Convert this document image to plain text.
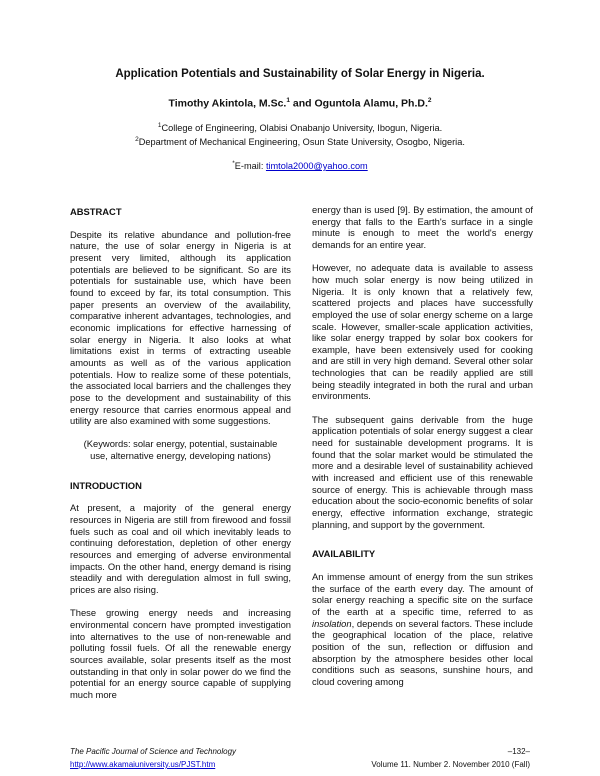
Application Potentials and Sustainability of Solar Energy in Nigeria.

Timothy Akintola, M.Sc.$^1$ and Oguntola Alamu, Ph.D.$^2$

$^1$College of Engineering, Olabisi Onabanjo University, Ibogun, Nigeria.

$^2$Department of Mechanical Engineering, Osun State University, Osogbo, Nigeria.

*E-mail: timtola2000@yahoo.com

ABSTRACT

Despite its relative abundance and pollution-free nature, the use of solar energy in Nigeria is at present very limited, although its application potentials are believed to be significant. So are its potentials for sustainable use, which have been found to exceed by far, its total consumption. This paper presents an overview of the availability, comparative inherent advantages, technologies, and economic implications for effective harnessing of solar energy in Nigeria. It also looks at what limitations exist in terms of extracting useable amounts as well as of the various application potentials. How to realize some of these potentials, the associated local barriers and the challenges they pose to the development and sustainability of this energy resource that carries enormous appeal and utility are also examined with some suggestions.

(Keywords: solar energy, potential, sustainable use, alternative energy, developing nations)

INTRODUCTION

At present, a majority of the general energy resources in Nigeria are still from firewood and fossil fuels such as coal and oil which inevitably leads to continuing deforestation, depletion of other energy resources and emerging of adverse environmental impacts. On the other hand, energy demand is rising steadily and with deregulation almost in full swing, prices are also rising.

These growing energy needs and increasing environmental concern have prompted investigation into alternatives to the use of non-renewable and polluting fossil fuels. Of all the renewable energy sources available, solar presents itself as the most outstanding in that only in solar power do we find the potential for an energy source capable of supplying much more

energy than is used [9]. By estimation, the amount of energy that falls to the Earth's surface in a single minute is enough to meet the world's energy demands for an entire year.

However, no adequate data is available to assess how much solar energy is now being utilized in Nigeria. It is only known that a relatively few, scattered projects and places have successfully employed the use of solar energy scheme on a large scale. However, smaller-scale application activities, like solar energy trapped by solar box cookers for example, have been extensively used for cooking and are still in very high demand. Several other solar technologies that can be readily applied are still being steadily integrated in both the rural and urban environments.

The subsequent gains derivable from the huge application potentials of solar energy suggest a clear need for sustainable development programs. It is found that the solar market would be stimulated the more and a desirable level of sustainability achieved with increased and efficient use of this renewable source of energy. This is achievable through mass education about the socio-economic benefits of solar energy, effective information exchange, strategic planning, and support by the government.

AVAILABILITY

An immense amount of energy from the sun strikes the surface of the earth every day. The amount of solar energy reaching a specific site on the surface of the earth at a specific time, referred to as insolation, depends on several factors. These include the geographical location of the place, relative position of the sun, reflection or diffusion and absorption by the atmosphere besides other local conditions such as seasons, sunshine hours, and cloud covering among

The Pacific Journal of Science and Technology

http://www.akamaiuniversity.us/PJST.htm

–132–

Volume 11. Number 2. November 2010 (Fall)
